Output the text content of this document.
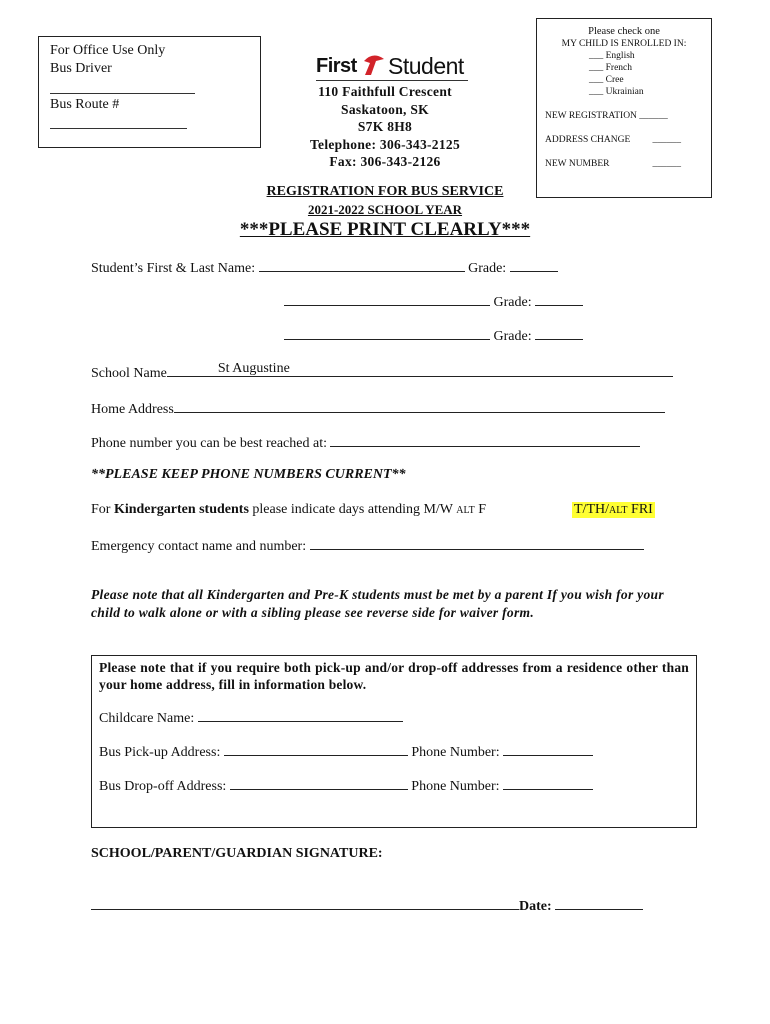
For Office Use Only
Bus Driver
Bus Route #
First Student
110 Faithfull Crescent
Saskatoon, SK
S7K 8H8
Telephone: 306-343-2125
Fax: 306-343-2126
Please check one
MY CHILD IS ENROLLED IN:
___ English
___ French
___ Cree
___ Ukrainian
NEW REGISTRATION ______
ADDRESS CHANGE ______
NEW NUMBER	______
REGISTRATION FOR BUS SERVICE
2021-2022 SCHOOL YEAR
***PLEASE PRINT CLEARLY***
Student’s First & Last Name:	Grade:
Grade:
Grade:
School Name	St Augustine
Home Address
Phone number you can be best reached at:
**PLEASE KEEP PHONE NUMBERS CURRENT**
For Kindergarten students please indicate days attending M/W ALT F	T/TH/ALT FRI
Emergency contact name and number:
Please note that all Kindergarten and Pre-K students must be met by a parent If you wish for your child to walk alone or with a sibling please see reverse side for waiver form.
Please note that if you require both pick-up and/or drop-off addresses from a residence other than your home address, fill in information below.
Childcare Name:
Bus Pick-up Address:	Phone Number:
Bus Drop-off Address:	Phone Number:
SCHOOL/PARENT/GUARDIAN SIGNATURE:
Date:
